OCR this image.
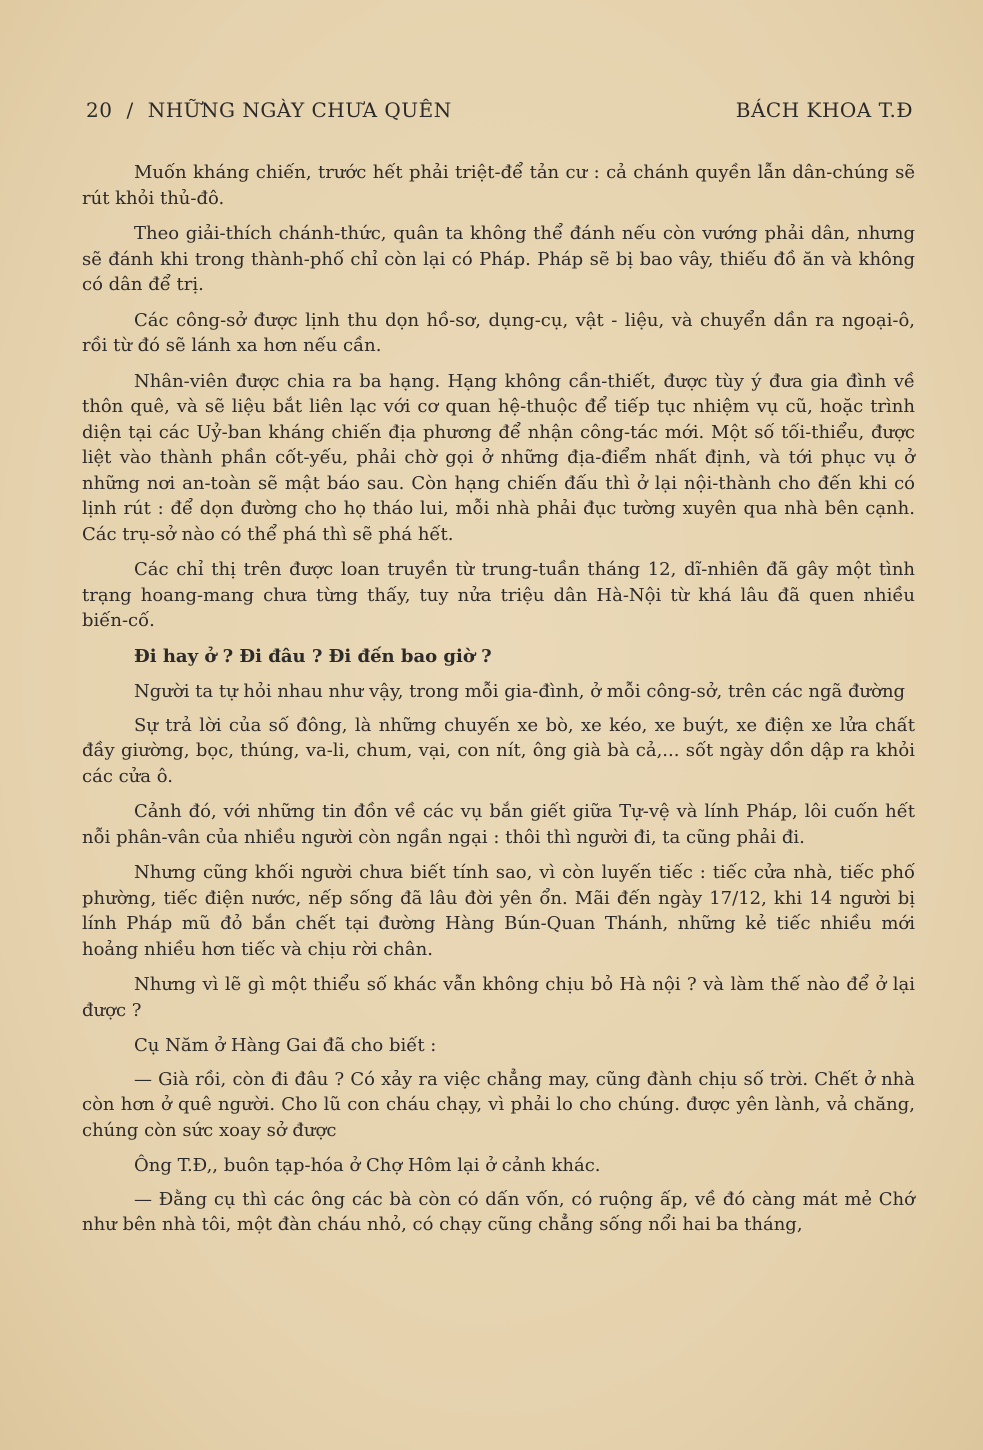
20 / NHỮNG NGÀY CHƯA QUÊN	BÁCH KHOA T.Đ

Muốn kháng chiến, trước hết phải triệt-để tản cư : cả chánh quyền lẫn dân-chúng sẽ rút khỏi thủ-đô.

Theo giải-thích chánh-thức, quân ta không thể đánh nếu còn vướng phải dân, nhưng sẽ đánh khi trong thành-phố chỉ còn lại có Pháp. Pháp sẽ bị bao vây, thiếu đồ ăn và không có dân để trị.

Các công-sở được lịnh thu dọn hồ-sơ, dụng-cụ, vật - liệu, và chuyển dần ra ngoại-ô, rồi từ đó sẽ lánh xa hơn nếu cần.

Nhân-viên được chia ra ba hạng. Hạng không cần-thiết, được tùy ý đưa gia đình về thôn quê, và sẽ liệu bắt liên lạc với cơ quan hệ-thuộc để tiếp tục nhiệm vụ cũ, hoặc trình diện tại các Uỷ-ban kháng chiến địa phương để nhận công-tác mới. Một số tối-thiểu, được liệt vào thành phần cốt-yếu, phải chờ gọi ở những địa-điểm nhất định, và tới phục vụ ở những nơi an-toàn sẽ mật báo sau. Còn hạng chiến đấu thì ở lại nội-thành cho đến khi có lịnh rút : để dọn đường cho họ tháo lui, mỗi nhà phải đục tường xuyên qua nhà bên cạnh. Các trụ-sở nào có thể phá thì sẽ phá hết.

Các chỉ thị trên được loan truyền từ trung-tuần tháng 12, dĩ-nhiên đã gây một tình trạng hoang-mang chưa từng thấy, tuy nửa triệu dân Hà-Nội từ khá lâu đã quen nhiều biến-cố.

Đi hay ở ? Đi đâu ? Đi đến bao giờ ?

Người ta tự hỏi nhau như vậy, trong mỗi gia-đình, ở mỗi công-sở, trên các ngã đường

Sự trả lời của số đông, là những chuyến xe bò, xe kéo, xe buýt, xe điện xe lửa chất đầy giường, bọc, thúng, va-li, chum, vại, con nít, ông già bà cả,... sốt ngày dồn dập ra khỏi các cửa ô.

Cảnh đó, với những tin đồn về các vụ bắn giết giữa Tự-vệ và lính Pháp, lôi cuốn hết nỗi phân-vân của nhiều người còn ngần ngại : thôi thì người đi, ta cũng phải đi.

Nhưng cũng khối người chưa biết tính sao, vì còn luyến tiếc : tiếc cửa nhà, tiếc phố phường, tiếc điện nước, nếp sống đã lâu đời yên ổn. Mãi đến ngày 17/12, khi 14 người bị lính Pháp mũ đỏ bắn chết tại đường Hàng Bún-Quan Thánh, những kẻ tiếc nhiều mới hoảng nhiều hơn tiếc và chịu rời chân.

Nhưng vì lẽ gì một thiểu số khác vẫn không chịu bỏ Hà nội ? và làm thế nào để ở lại được ?

Cụ Năm ở Hàng Gai đã cho biết :

— Già rồi, còn đi đâu ? Có xảy ra việc chẳng may, cũng đành chịu số trời. Chết ở nhà còn hơn ở quê người. Cho lũ con cháu chạy, vì phải lo cho chúng. được yên lành, vả chăng, chúng còn sức xoay sở được

Ông T.Đ,, buôn tạp-hóa ở Chợ Hôm lại ở cảnh khác.

— Đằng cụ thì các ông các bà còn có dấn vốn, có ruộng ấp, về đó càng mát mẻ Chớ như bên nhà tôi, một đàn cháu nhỏ, có chạy cũng chẳng sống nổi hai ba tháng,
